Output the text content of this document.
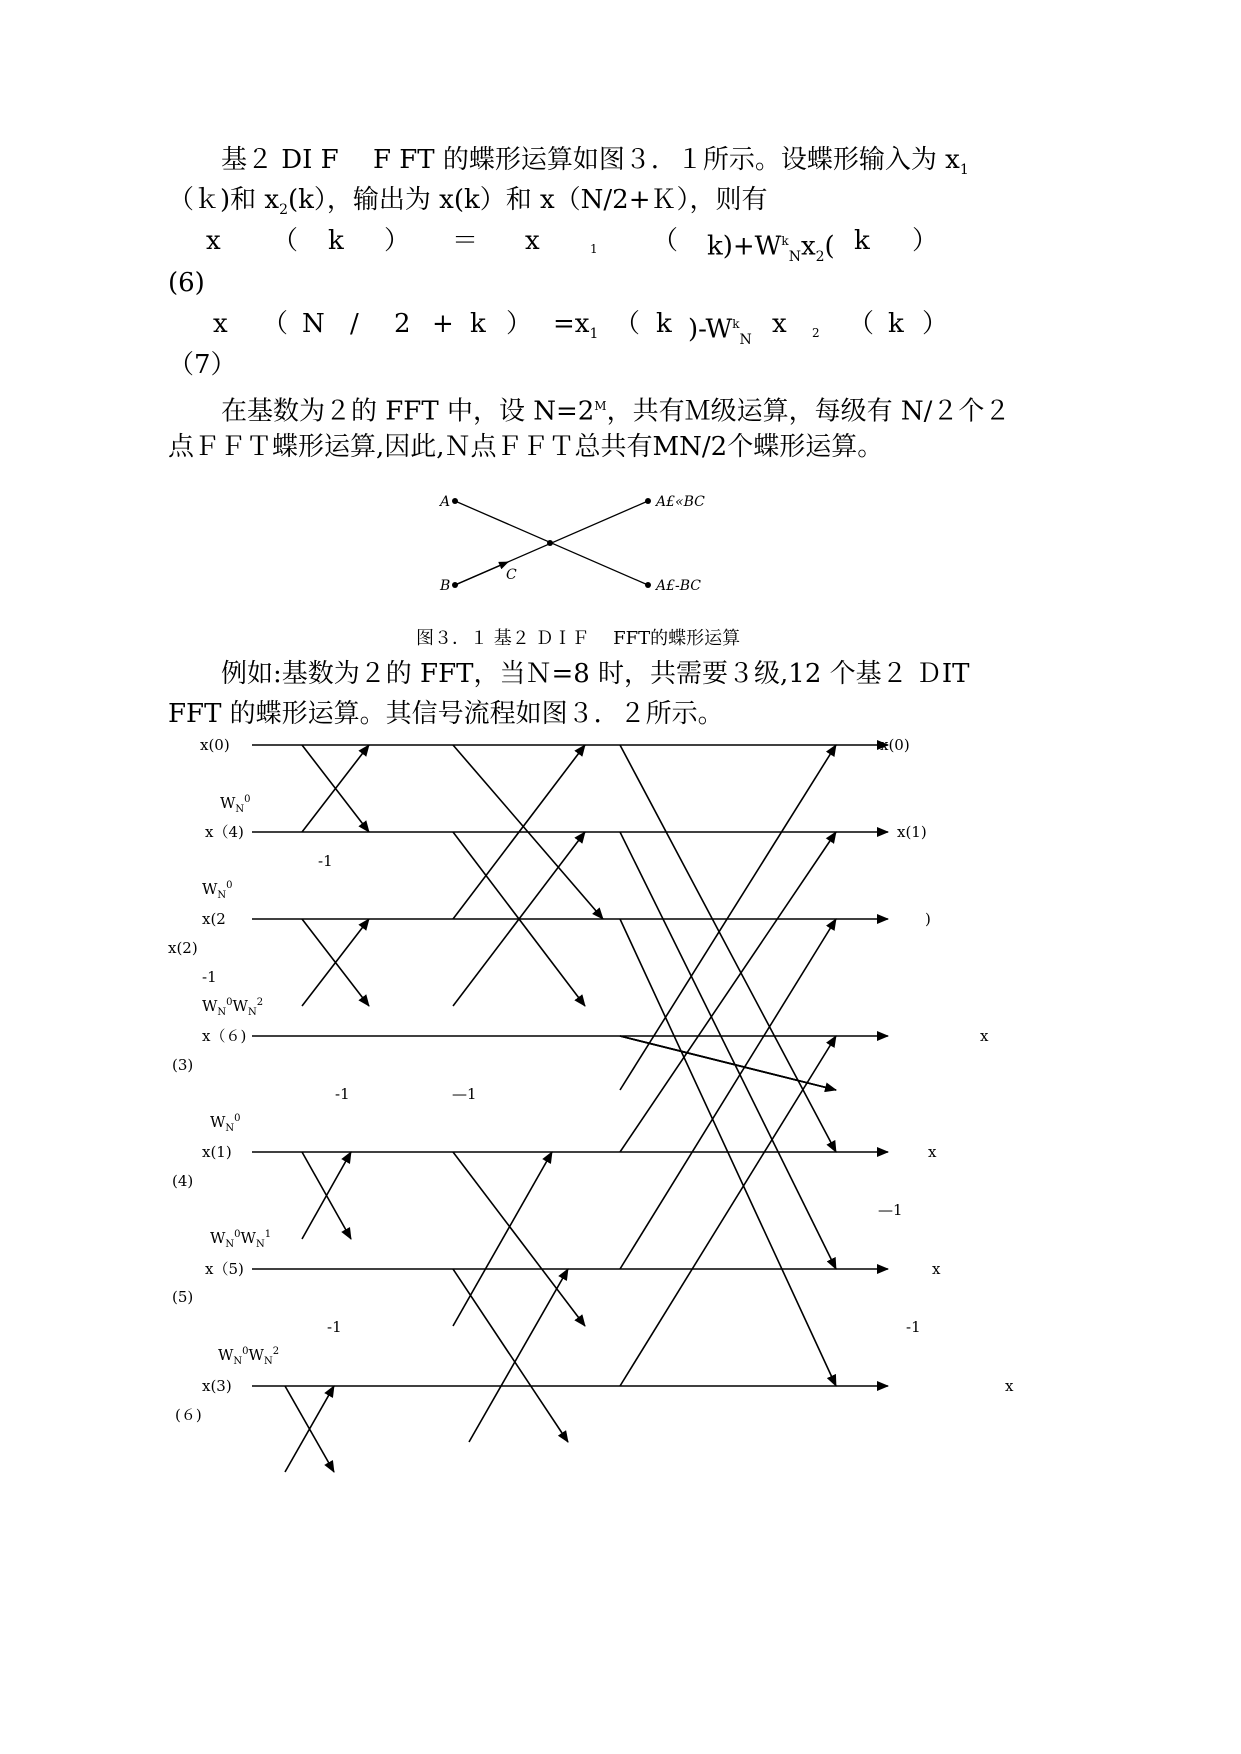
基２ DI F　 F FT 的蝶形运算如图３．１所示。设蝶形输入为 $x_1$
（ｋ)和 $x_2(k)$，输出为 x(k）和 x（N/2+Ｋ），则有
x （ k ） ＝ x	1 （ $k)+W^k_Nx_2$( k ）
(6)
x （ N / 2 + k ） $=x_1$ （ k )$-W^k_N$
x 2 （ k ）
（7）
在基数为２的 FFT 中，设 $N=2^M$，共有Ｍ级运算，每级有 N/２个２
点ＦＦＴ蝶形运算,因此,Ｎ点ＦＦＴ总共有MN/2个蝶形运算。
A
B
C
A£«BC
A£-BC
图３．１ 基２ ＤＩＦ　 FFT的蝶形运算
例如:基数为２的 FFT，当Ｎ=8 时，共需要３级,12 个基２ ＤIT
FFT 的蝶形运算。其信号流程如图３．２所示。
x(0)
$W_N^0$
x（4)
-1
$W_N^0$
x(2
x(2)
-1
$W_N^0W_N^2$
x（６)
(3)
-1	—1
$W_N^0$
x(1)
(4)
$W_N^0W_N^1$
x（5)
(5)
-1
$W_N^0W_N^2$
x(3)
(６)
x(0)
x(1)
)
x
x
—1
x
-1
x
